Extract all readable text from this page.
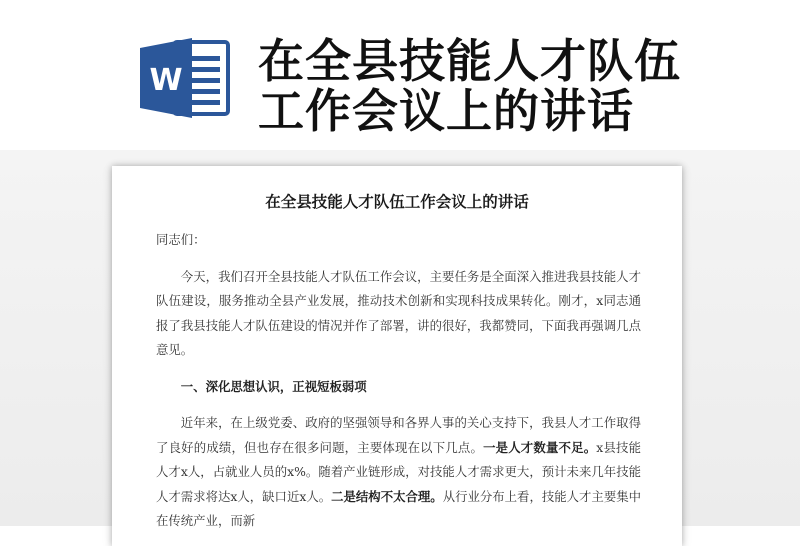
W 在全县技能人才队伍
工作会议上的讲话
在全县技能人才队伍工作会议上的讲话

同志们：

今天，我们召开全县技能人才队伍工作会议，主要任务是全面深入推进我县技能人才队伍建设，服务推动全县产业发展，推动技术创新和实现科技成果转化。刚才，x同志通报了我县技能人才队伍建设的情况并作了部署，讲的很好，我都赞同，下面我再强调几点意见。

一、深化思想认识，正视短板弱项

近年来，在上级党委、政府的坚强领导和各界人事的关心支持下，我县人才工作取得了良好的成绩，但也存在很多问题，主要体现在以下几点。一是人才数量不足。x县技能人才x人，占就业人员的x%。随着产业链形成，对技能人才需求更大，预计未来几年技能人才需求将达x人，缺口近x人。二是结构不太合理。从行业分布上看，技能人才主要集中在传统产业，而新
